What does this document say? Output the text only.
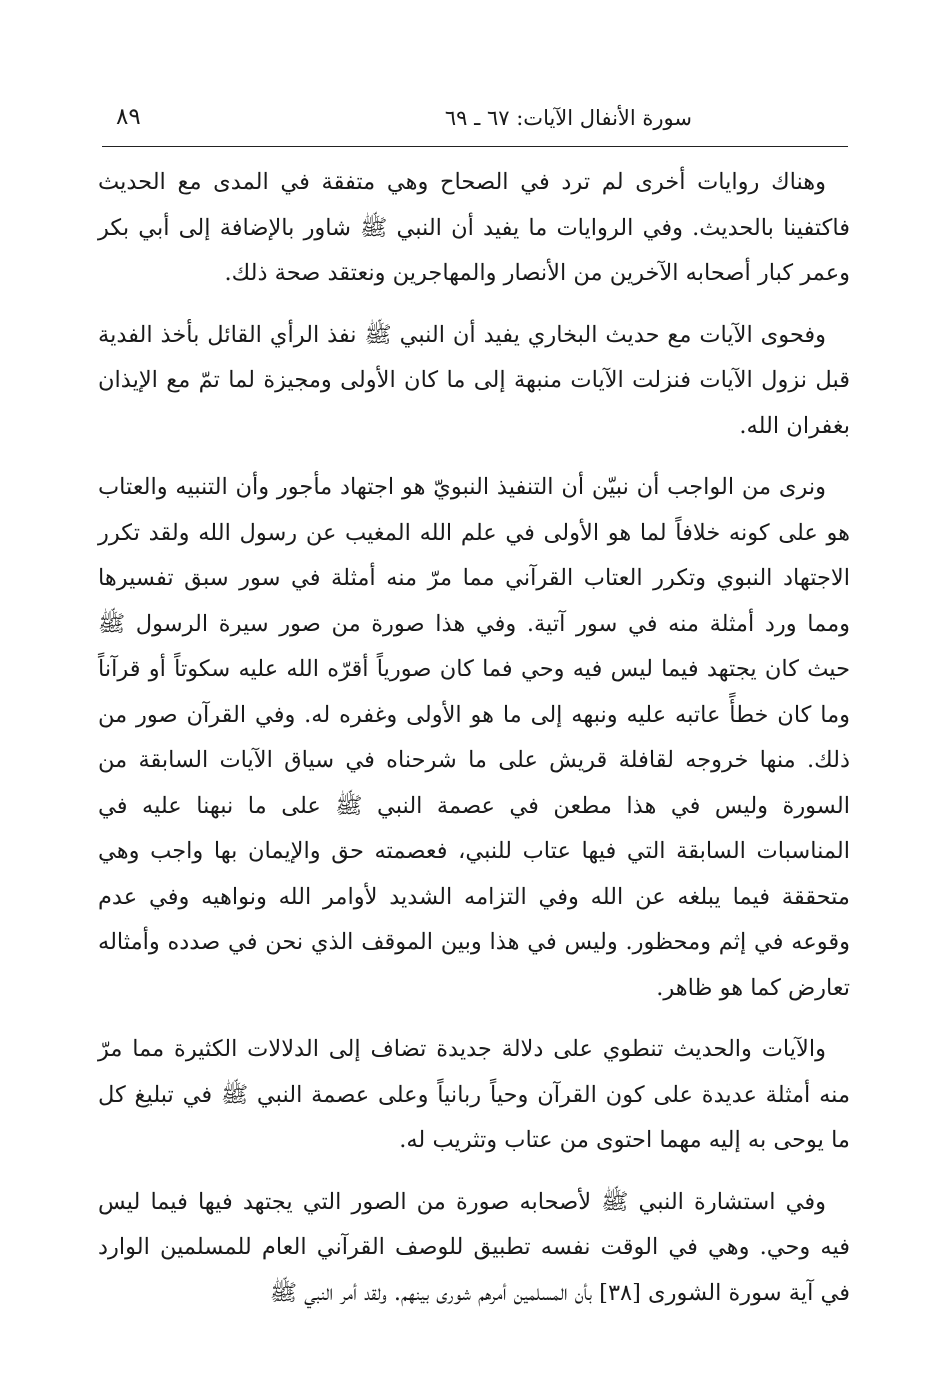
سورة الأنفال الآيات: ٦٧ ـ ٦٩
٨٩

وهناك روايات أخرى لم ترد في الصحاح وهي متفقة في المدى مع الحديث فاكتفينا بالحديث. وفي الروايات ما يفيد أن النبي ﷺ شاور بالإضافة إلى أبي بكر وعمر كبار أصحابه الآخرين من الأنصار والمهاجرين ونعتقد صحة ذلك.

وفحوى الآيات مع حديث البخاري يفيد أن النبي ﷺ نفذ الرأي القائل بأخذ الفدية قبل نزول الآيات فنزلت الآيات منبهة إلى ما كان الأولى ومجيزة لما تمّ مع الإيذان بغفران الله.

ونرى من الواجب أن نبيّن أن التنفيذ النبويّ هو اجتهاد مأجور وأن التنبيه والعتاب هو على كونه خلافاً لما هو الأولى في علم الله المغيب عن رسول الله ولقد تكرر الاجتهاد النبوي وتكرر العتاب القرآني مما مرّ منه أمثلة في سور سبق تفسيرها ومما ورد أمثلة منه في سور آتية. وفي هذا صورة من صور سيرة الرسول ﷺ حيث كان يجتهد فيما ليس فيه وحي فما كان صورياً أقرّه الله عليه سكوتاً أو قرآناً وما كان خطأً عاتبه عليه ونبهه إلى ما هو الأولى وغفره له. وفي القرآن صور من ذلك. منها خروجه لقافلة قريش على ما شرحناه في سياق الآيات السابقة من السورة وليس في هذا مطعن في عصمة النبي ﷺ على ما نبهنا عليه في المناسبات السابقة التي فيها عتاب للنبي، فعصمته حق والإيمان بها واجب وهي متحققة فيما يبلغه عن الله وفي التزامه الشديد لأوامر الله ونواهيه وفي عدم وقوعه في إثم ومحظور. وليس في هذا وبين الموقف الذي نحن في صدده وأمثاله تعارض كما هو ظاهر.

والآيات والحديث تنطوي على دلالة جديدة تضاف إلى الدلالات الكثيرة مما مرّ منه أمثلة عديدة على كون القرآن وحياً ربانياً وعلى عصمة النبي ﷺ في تبليغ كل ما يوحى به إليه مهما احتوى من عتاب وتثريب له.

وفي استشارة النبي ﷺ لأصحابه صورة من الصور التي يجتهد فيها فيما ليس فيه وحي. وهي في الوقت نفسه تطبيق للوصف القرآني العام للمسلمين الوارد في آية سورة الشورى [٣٨] بأن المسلمين أمرهم شورى بينهم. ولقد أمر النبي ﷺ
